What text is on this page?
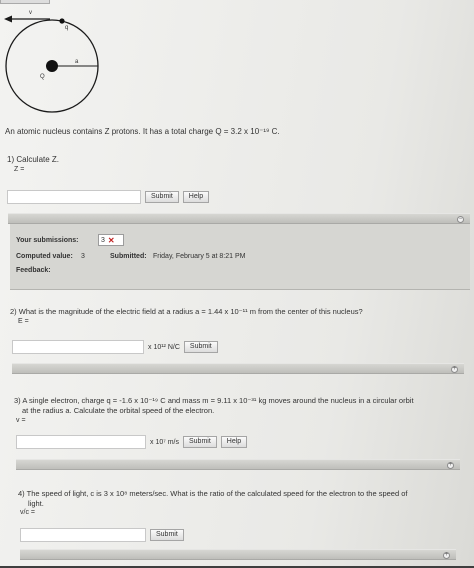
v
q
a
Q
An atomic nucleus contains Z protons. It has a total charge Q = 3.2 x 10⁻¹⁹ C.
1) Calculate Z.
Z =
Submit	Help
−
Your submissions:	3 ✕
Computed value: 3	Submitted: Friday, February 5 at 8:21 PM
Feedback:
2) What is the magnitude of the electric field at a radius a = 1.44 x 10⁻¹¹ m from the center of this nucleus?
E =
x 10¹² N/C	Submit
+
3) A single electron, charge q = -1.6 x 10⁻¹⁹ C and mass m = 9.11 x 10⁻³¹ kg moves around the nucleus in a circular orbit
at the radius a. Calculate the orbital speed of the electron.
v =
x 10⁷ m/s	Submit	Help
+
4) The speed of light, c is 3 x 10⁸ meters/sec. What is the ratio of the calculated speed for the electron to the speed of
light.
v/c =
Submit
+
